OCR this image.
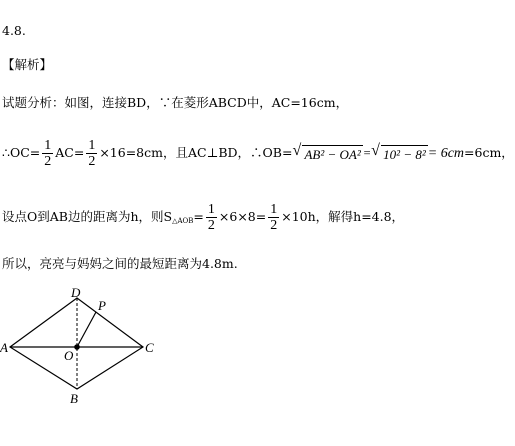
4.8.
【解析】
试题分析：如图，连接BD，∵在菱形ABCD中，AC=16cm，
∴OC= $\frac{1}{2} AC= \frac{1}{2} \times 16=8cm$，且AC⊥BD，∴OB= √ AB² − OA² = √ 10² − 8² = 6cm=6cm，
设点O到AB边的距离为h，则S△AOB= $\frac{1}{2} \times 6\times 8= \frac{1}{2} \times 10h$，解得h=4.8，
所以，亮亮与妈妈之间的最短距离为4.8m.
A
B
C
D
O
P
